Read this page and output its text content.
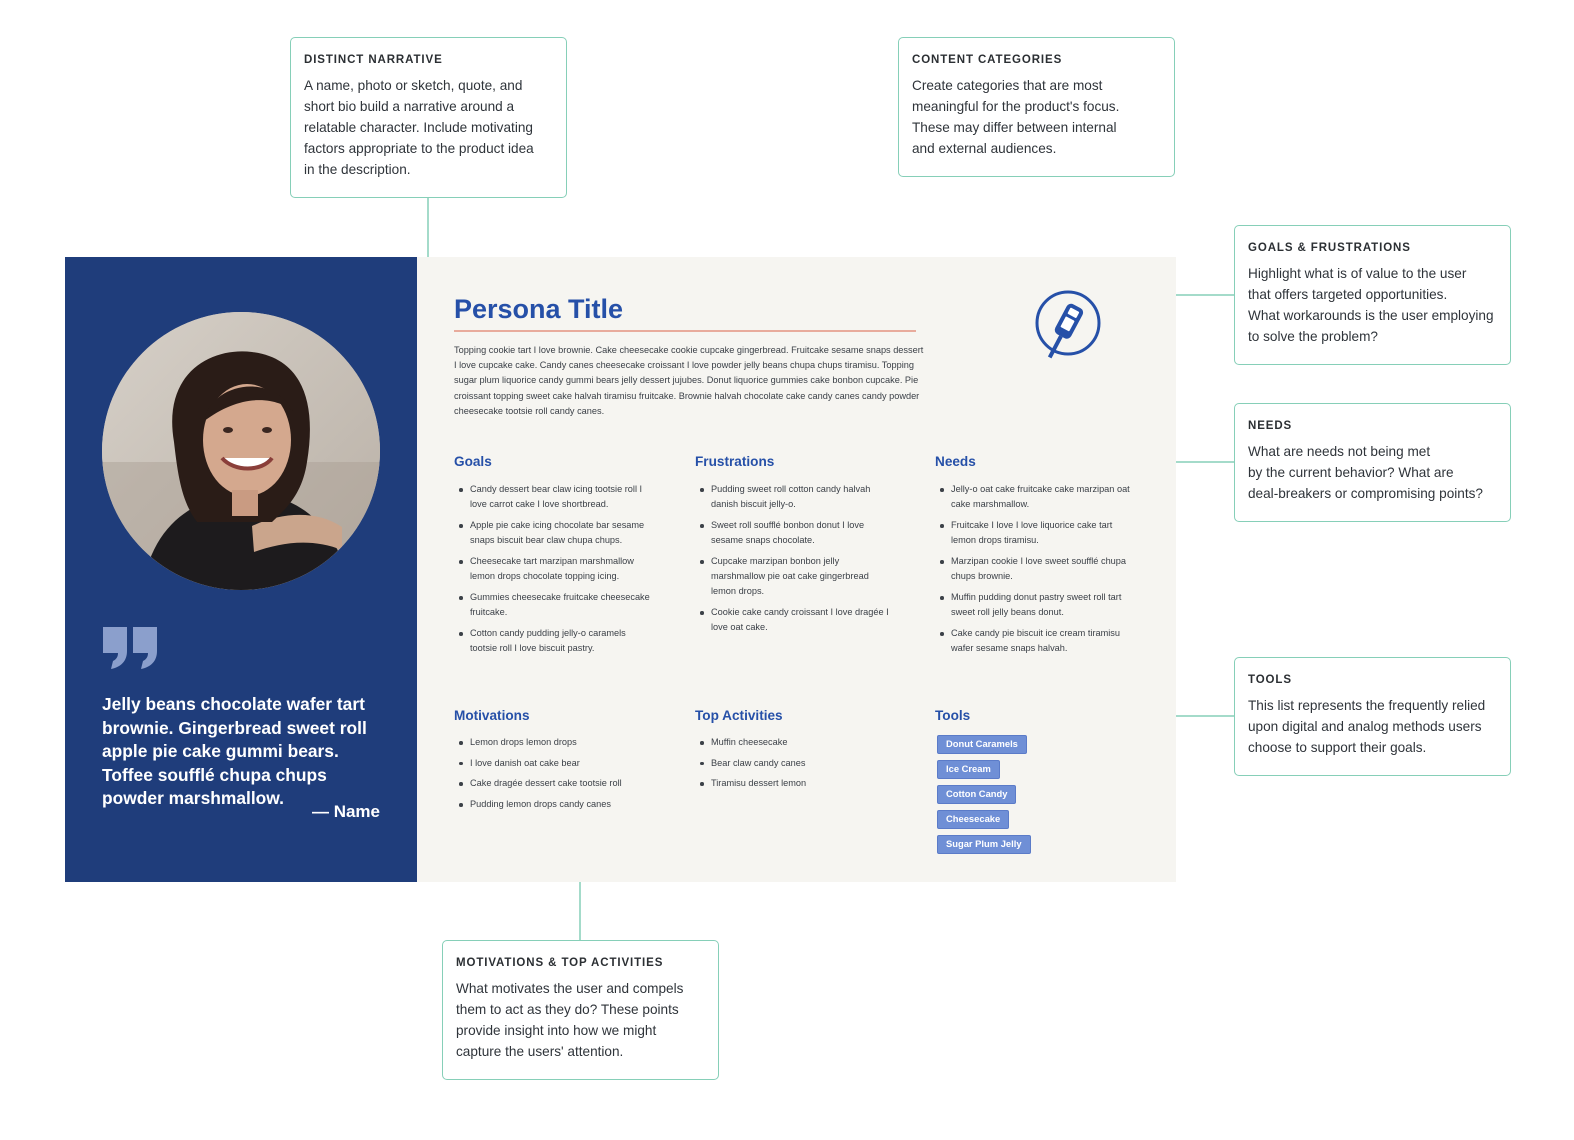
DISTINCT NARRATIVE

A name, photo or sketch, quote, and
short bio build a narrative around a
relatable character. Include motivating
factors appropriate to the product idea
in the description.

CONTENT CATEGORIES

Create categories that are most
meaningful for the product's focus.
These may differ between internal
and external audiences.

GOALS & FRUSTRATIONS

Highlight what is of value to the user
that offers targeted opportunities.
What workarounds is the user employing
to solve the problem?

NEEDS

What are needs not being met
by the current behavior? What are
deal-breakers or compromising points?

TOOLS

This list represents the frequently relied
upon digital and analog methods users
choose to support their goals.

MOTIVATIONS & TOP ACTIVITIES

What motivates the user and compels
them to act as they do? These points
provide insight into how we might
capture the users' attention.

Jelly beans chocolate wafer tart brownie. Gingerbread sweet roll apple pie cake gummi bears. Toffee soufflé chupa chups powder marshmallow.

— Name

Persona Title

Topping cookie tart I love brownie. Cake cheesecake cookie cupcake gingerbread. Fruitcake sesame snaps dessert I love cupcake cake. Candy canes cheesecake croissant I love powder jelly beans chupa chups tiramisu. Topping sugar plum liquorice candy gummi bears jelly dessert jujubes. Donut liquorice gummies cake bonbon cupcake. Pie croissant topping sweet cake halvah tiramisu fruitcake. Brownie halvah chocolate cake candy canes candy powder cheesecake tootsie roll candy canes.

Goals
Candy dessert bear claw icing tootsie roll I love carrot cake I love shortbread.
Apple pie cake icing chocolate bar sesame snaps biscuit bear claw chupa chups.
Cheesecake tart marzipan marshmallow lemon drops chocolate topping icing.
Gummies cheesecake fruitcake cheesecake fruitcake.
Cotton candy pudding jelly-o caramels tootsie roll I love biscuit pastry.
Frustrations
Pudding sweet roll cotton candy halvah danish biscuit jelly-o.
Sweet roll soufflé bonbon donut I love sesame snaps chocolate.
Cupcake marzipan bonbon jelly marshmallow pie oat cake gingerbread lemon drops.
Cookie cake candy croissant I love dragée I love oat cake.
Needs
Jelly-o oat cake fruitcake cake marzipan oat cake marshmallow.
Fruitcake I love I love liquorice cake tart lemon drops tiramisu.
Marzipan cookie I love sweet soufflé chupa chups brownie.
Muffin pudding donut pastry sweet roll tart sweet roll jelly beans donut.
Cake candy pie biscuit ice cream tiramisu wafer sesame snaps halvah.
Motivations
Lemon drops lemon drops
I love danish oat cake bear
Cake dragée dessert cake tootsie roll
Pudding lemon drops candy canes
Top Activities
Muffin cheesecake
Bear claw candy canes
Tiramisu dessert lemon
Tools
Donut Caramels
Ice Cream
Cotton Candy
Cheesecake
Sugar Plum Jelly
